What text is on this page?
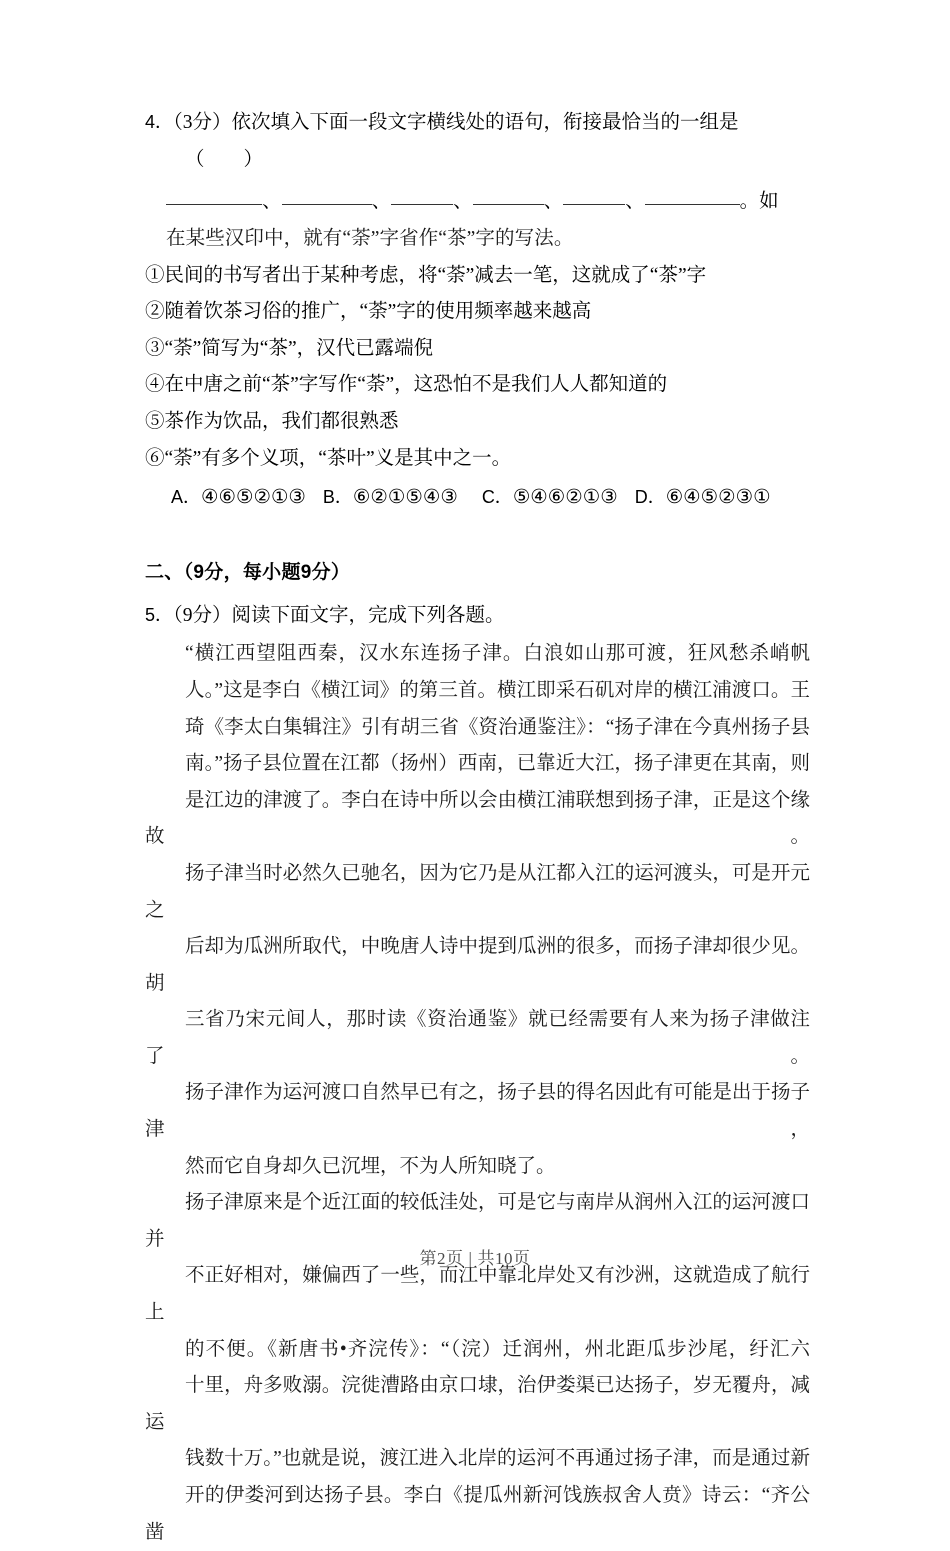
4．（3分）依次填入下面一段文字横线处的语句，衔接最恰当的一组是
（　　）
、	、	、	、	、	。如
在某些汉印中，就有“荼”字省作“茶”字的写法。
①民间的书写者出于某种考虑，将“荼”减去一笔，这就成了“茶”字
②随着饮茶习俗的推广，“荼”字的使用频率越来越高
③“荼”简写为“茶”，汉代已露端倪
④在中唐之前“茶”字写作“荼”，这恐怕不是我们人人都知道的
⑤茶作为饮品，我们都很熟悉
⑥“荼”有多个义项，“茶叶”义是其中之一。
A．④⑥⑤②①③ B．⑥②①⑤④③ C．⑤④⑥②①③ D．⑥④⑤②③①
二、（9分，每小题9分）
5．（9分）阅读下面文字，完成下列各题。
“横江西望阻西秦，汉水东连扬子津。白浪如山那可渡，狂风愁杀峭帆
人。”这是李白《横江词》的第三首。横江即采石矶对岸的横江浦渡口。王
琦《李太白集辑注》引有胡三省《资治通鉴注》：“扬子津在今真州扬子县
南。”扬子县位置在江都（扬州）西南，已靠近大江，扬子津更在其南，则
是江边的津渡了。李白在诗中所以会由横江浦联想到扬子津，正是这个缘故。
扬子津当时必然久已驰名，因为它乃是从江都入江的运河渡头，可是开元之
后却为瓜洲所取代，中晚唐人诗中提到瓜洲的很多，而扬子津却很少见。胡
三省乃宋元间人，那时读《资治通鉴》就已经需要有人来为扬子津做注了。
扬子津作为运河渡口自然早已有之，扬子县的得名因此有可能是出于扬子津，
然而它自身却久已沉埋，不为人所知晓了。
扬子津原来是个近江面的较低洼处，可是它与南岸从润州入江的运河渡口并
不正好相对，嫌偏西了一些，而江中靠北岸处又有沙洲，这就造成了航行上
的不便。《新唐书•齐浣传》：“（浣）迁润州，州北距瓜步沙尾，纡汇六
十里，舟多败溺。浣徙漕路由京口埭，治伊娄渠已达扬子，岁无覆舟，减运
钱数十万。”也就是说，渡江进入北岸的运河不再通过扬子津，而是通过新
开的伊娄河到达扬子县。李白《提瓜州新河饯族叔舍人贲》诗云：“齐公凿
第2页 | 共10页
